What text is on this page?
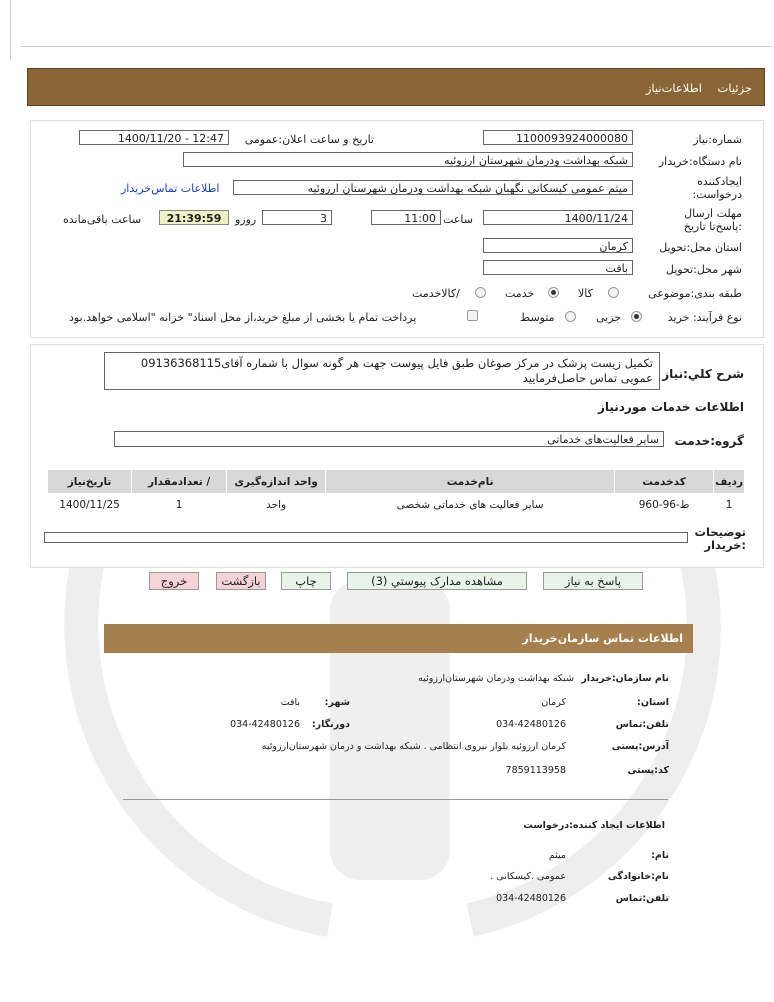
اطلاعات‌نیاز جزئیات
شماره:نیاز
1100093924000080
تاریخ و ساعت اعلان:عمومی
1400/11/20 - 12:47
نام دستگاه:خریدار
شبکه بهداشت ودرمان شهرستان ارزوئیه
ایجادکننده درخواست:
میثم عمومی کیسکانی نگهبان شبکه بهداشت ودرمان شهرستان ارزوئیه
اطلاعات تماس‌خریدار
مهلت ارسال :پاسخ‌تا تاریخ
1400/11/24
ساعت
11:00
3
روزو
21:39:59
ساعت باقی‌مانده
استان محل:تحویل
کرمان
شهر محل:تحویل
بافت
طبقه بندی:موضوعی
کالا
خدمت
/کالاخدمت
نوع فرآیند: خرید
جزیی
متوسط
پرداخت تمام یا بخشی از مبلغ خرید،از محل اسناد" خزانه "اسلامی خواهد.بود
شرح کلي:نیاز
تکمیل زیست پزشک در مرکز صوغان طبق فایل پیوست جهت هر گونه سوال با شماره آقای09136368115 عمویی تماس حاصل‌فرمایید
اطلاعات خدمات موردنیاز
گروه:خدمت
سایر فعالیت‌های خدماتی
ردیف	کدخدمت	نام‌خدمت	واحد اندازه‌گیری	/ تعدادمقدار	تاریخ‌نیاز
1	ط-96-960	سایر فعالیت های خدماتی شخصی	واحد	1	1400/11/25
توضیحات :خریدار
پاسخ به نیاز
مشاهده مدارک پیوستي (3)
چاپ
بازگشت
خروج
اطلاعات تماس سازمان‌خریدار
نام سازمان:خریدار
شبکه بهداشت ودرمان شهرستان‌ارزوئیه
استان:
کرمان
شهر:
بافت
تلفن:تماس
034-42480126
دورنگار:
034-42480126
آدرس:پستی
کرمان ارزوئیه بلوار نیروی انتظامی . شبکه بهداشت و درمان شهرستان‌ارزوئیه
کد:پستی
7859113958
اطلاعات ایجاد کننده:درخواست
نام:
میثم
نام:خانوادگی
عمومی .کیسکانی .
تلفن:تماس
034-42480126
